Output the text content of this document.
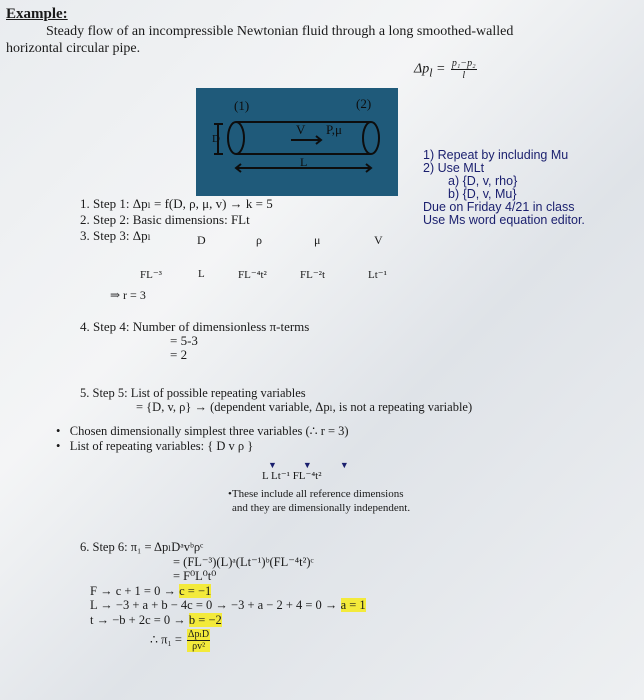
Example:
Steady flow of an incompressible Newtonian fluid through a long smoothed-walled
horizontal circular pipe.
$\Delta p_l = \frac{\text{p₁−p₂}}{l}$
(1)	(2)
V P,μ
D
L	1) Repeat by including Mu
2) Use MLt
a) {D, v, rho}
b) {D, v, Mu}
Due on Friday 4/21 in class
Use Ms word equation editor.
1. Step 1: Δpₗ = f(D, ρ, μ, v) → k = 5
2. Step 2: Basic dimensions: FLt
3. Step 3: Δpₗ	D	ρ	μ	V
FL⁻³	L	FL⁻⁴t²	FL⁻²t	Lt⁻¹
⇒ r = 3
4. Step 4: Number of dimensionless π-terms
= 5-3
= 2
5. Step 5: List of possible repeating variables
= {D, v, ρ} → (dependent variable, Δpₗ, is not a repeating variable)
•   Chosen dimensionally simplest three variables (∴ r = 3)
•   List of repeating variables: { D v ρ }
▼	▼	▼
L Lt⁻¹ FL⁻⁴t²
•These include all reference dimensions
and they are dimensionally independent.
6. Step 6: π₁ = ΔpₗDᵃvᵇρᶜ
= (FL⁻³)(L)ᵃ(Lt⁻¹)ᵇ(FL⁻⁴t²)ᶜ
= F⁰L⁰t⁰
F → c + 1 = 0 → c = −1
L → −3 + a + b − 4c = 0 → −3 + a − 2 + 4 = 0 → a = 1
t → −b + 2c = 0 → b = −2
∴ $\pi_1 = \frac{\text{ΔpₗD}}{\text{ρv²}}$
